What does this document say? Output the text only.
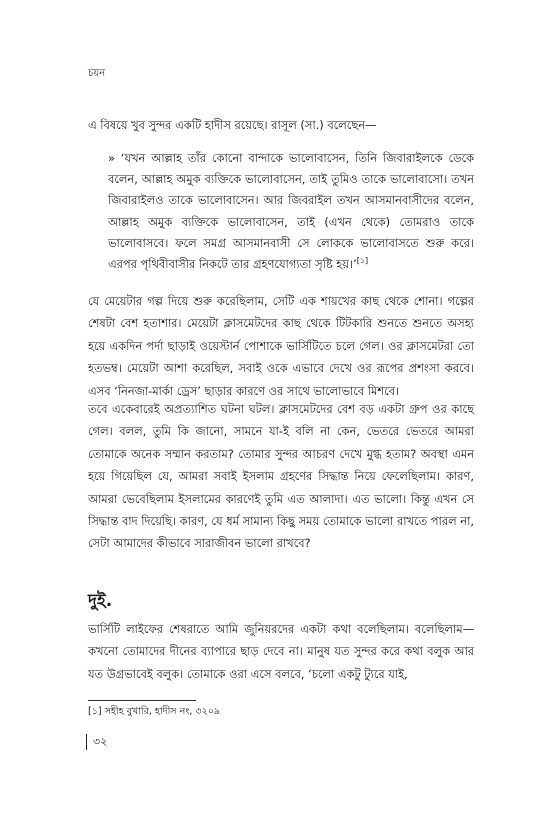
চয়ন

এ বিষয়ে খুব সুন্দর একটি হাদীস রয়েছে। রাসূল (সা.) বলেছেন—

» ‘যখন আল্লাহ তাঁর কোনো বান্দাকে ভালোবাসেন, তিনি জিবারাইলকে ডেকে বলেন, আল্লাহ অমুক ব্যক্তিকে ভালোবাসেন, তাই তুমিও তাকে ভালোবাসো। তখন জিবারাইলও তাকে ভালোবাসেন। আর জিবরাইল তখন আসমানবাসীদের বলেন, আল্লাহ অমুক ব্যক্তিকে ভালোবাসেন, তাই (এখন থেকে) তোমরাও তাকে ভালোবাসবে। ফলে সমগ্র আসমানবাসী সে লোককে ভালোবাসতে শুরু করে। এরপর পৃথিবীবাসীর নিকটে তার গ্রহণযোগ্যতা সৃষ্টি হয়।’[১]

যে মেয়েটার গল্প দিয়ে শুরু করেছিলাম, সেটি এক শায়খের কাছ থেকে শোনা। গল্পের শেষটা বেশ হতাশার। মেয়েটা ক্লাসমেটদের কাছ থেকে টিটকারি শুনতে শুনতে অসহ্য হয়ে একদিন পর্দা ছাড়াই ওয়েস্টার্ন পোশাকে ভার্সিটিতে চলে গেল। ওর ক্লাসমেটরা তো হতভম্ব। মেয়েটা আশা করেছিল, সবাই ওকে এভাবে দেখে ওর রূপের প্রশংসা করবে। এসব ‘নিনজা-মার্কা ড্রেস’ ছাড়ার কারণে ওর সাথে ভালোভাবে মিশবে।

তবে একেবারেই অপ্রত্যাশিত ঘটনা ঘটল। ক্লাসমেটদের বেশ বড় একটা গ্রুপ ওর কাছে গেল। বলল, তুমি কি জানো, সামনে যা-ই বলি না কেন, ভেতরে ভেতরে আমরা তোমাকে অনেক সম্মান করতাম? তোমার সুন্দর আচরণ দেখে মুগ্ধ হতাম? অবস্থা এমন হয়ে গিয়েছিল যে, আমরা সবাই ইসলাম গ্রহণের সিদ্ধান্ত নিয়ে ফেলেছিলাম। কারণ, আমরা ভেবেছিলাম ইসলামের কারণেই তুমি এত আলাদা। এত ভালো। কিন্তু এখন সে সিদ্ধান্ত বাদ দিয়েছি। কারণ, যে ধর্ম সামান্য কিছু সময় তোমাকে ভালো রাখতে পারল না, সেটা আমাদের কীভাবে সারাজীবন ভালো রাখবে?

দুই.

ভার্সিটি লাইফের শেষরাতে আমি জুনিয়রদের একটা কথা বলেছিলাম। বলেছিলাম—কখনো তোমাদের দীনের ব্যাপারে ছাড় দেবে না। মানুষ যত সুন্দর করে কথা বলুক আর যত উগ্রভাবেই বলুক। তোমাকে ওরা এসে বলবে, ‘চলো একটু ট্যুরে যাই,

[১] সহীহ বুখারি, হাদীস নং, ৩২০৯

৩২
